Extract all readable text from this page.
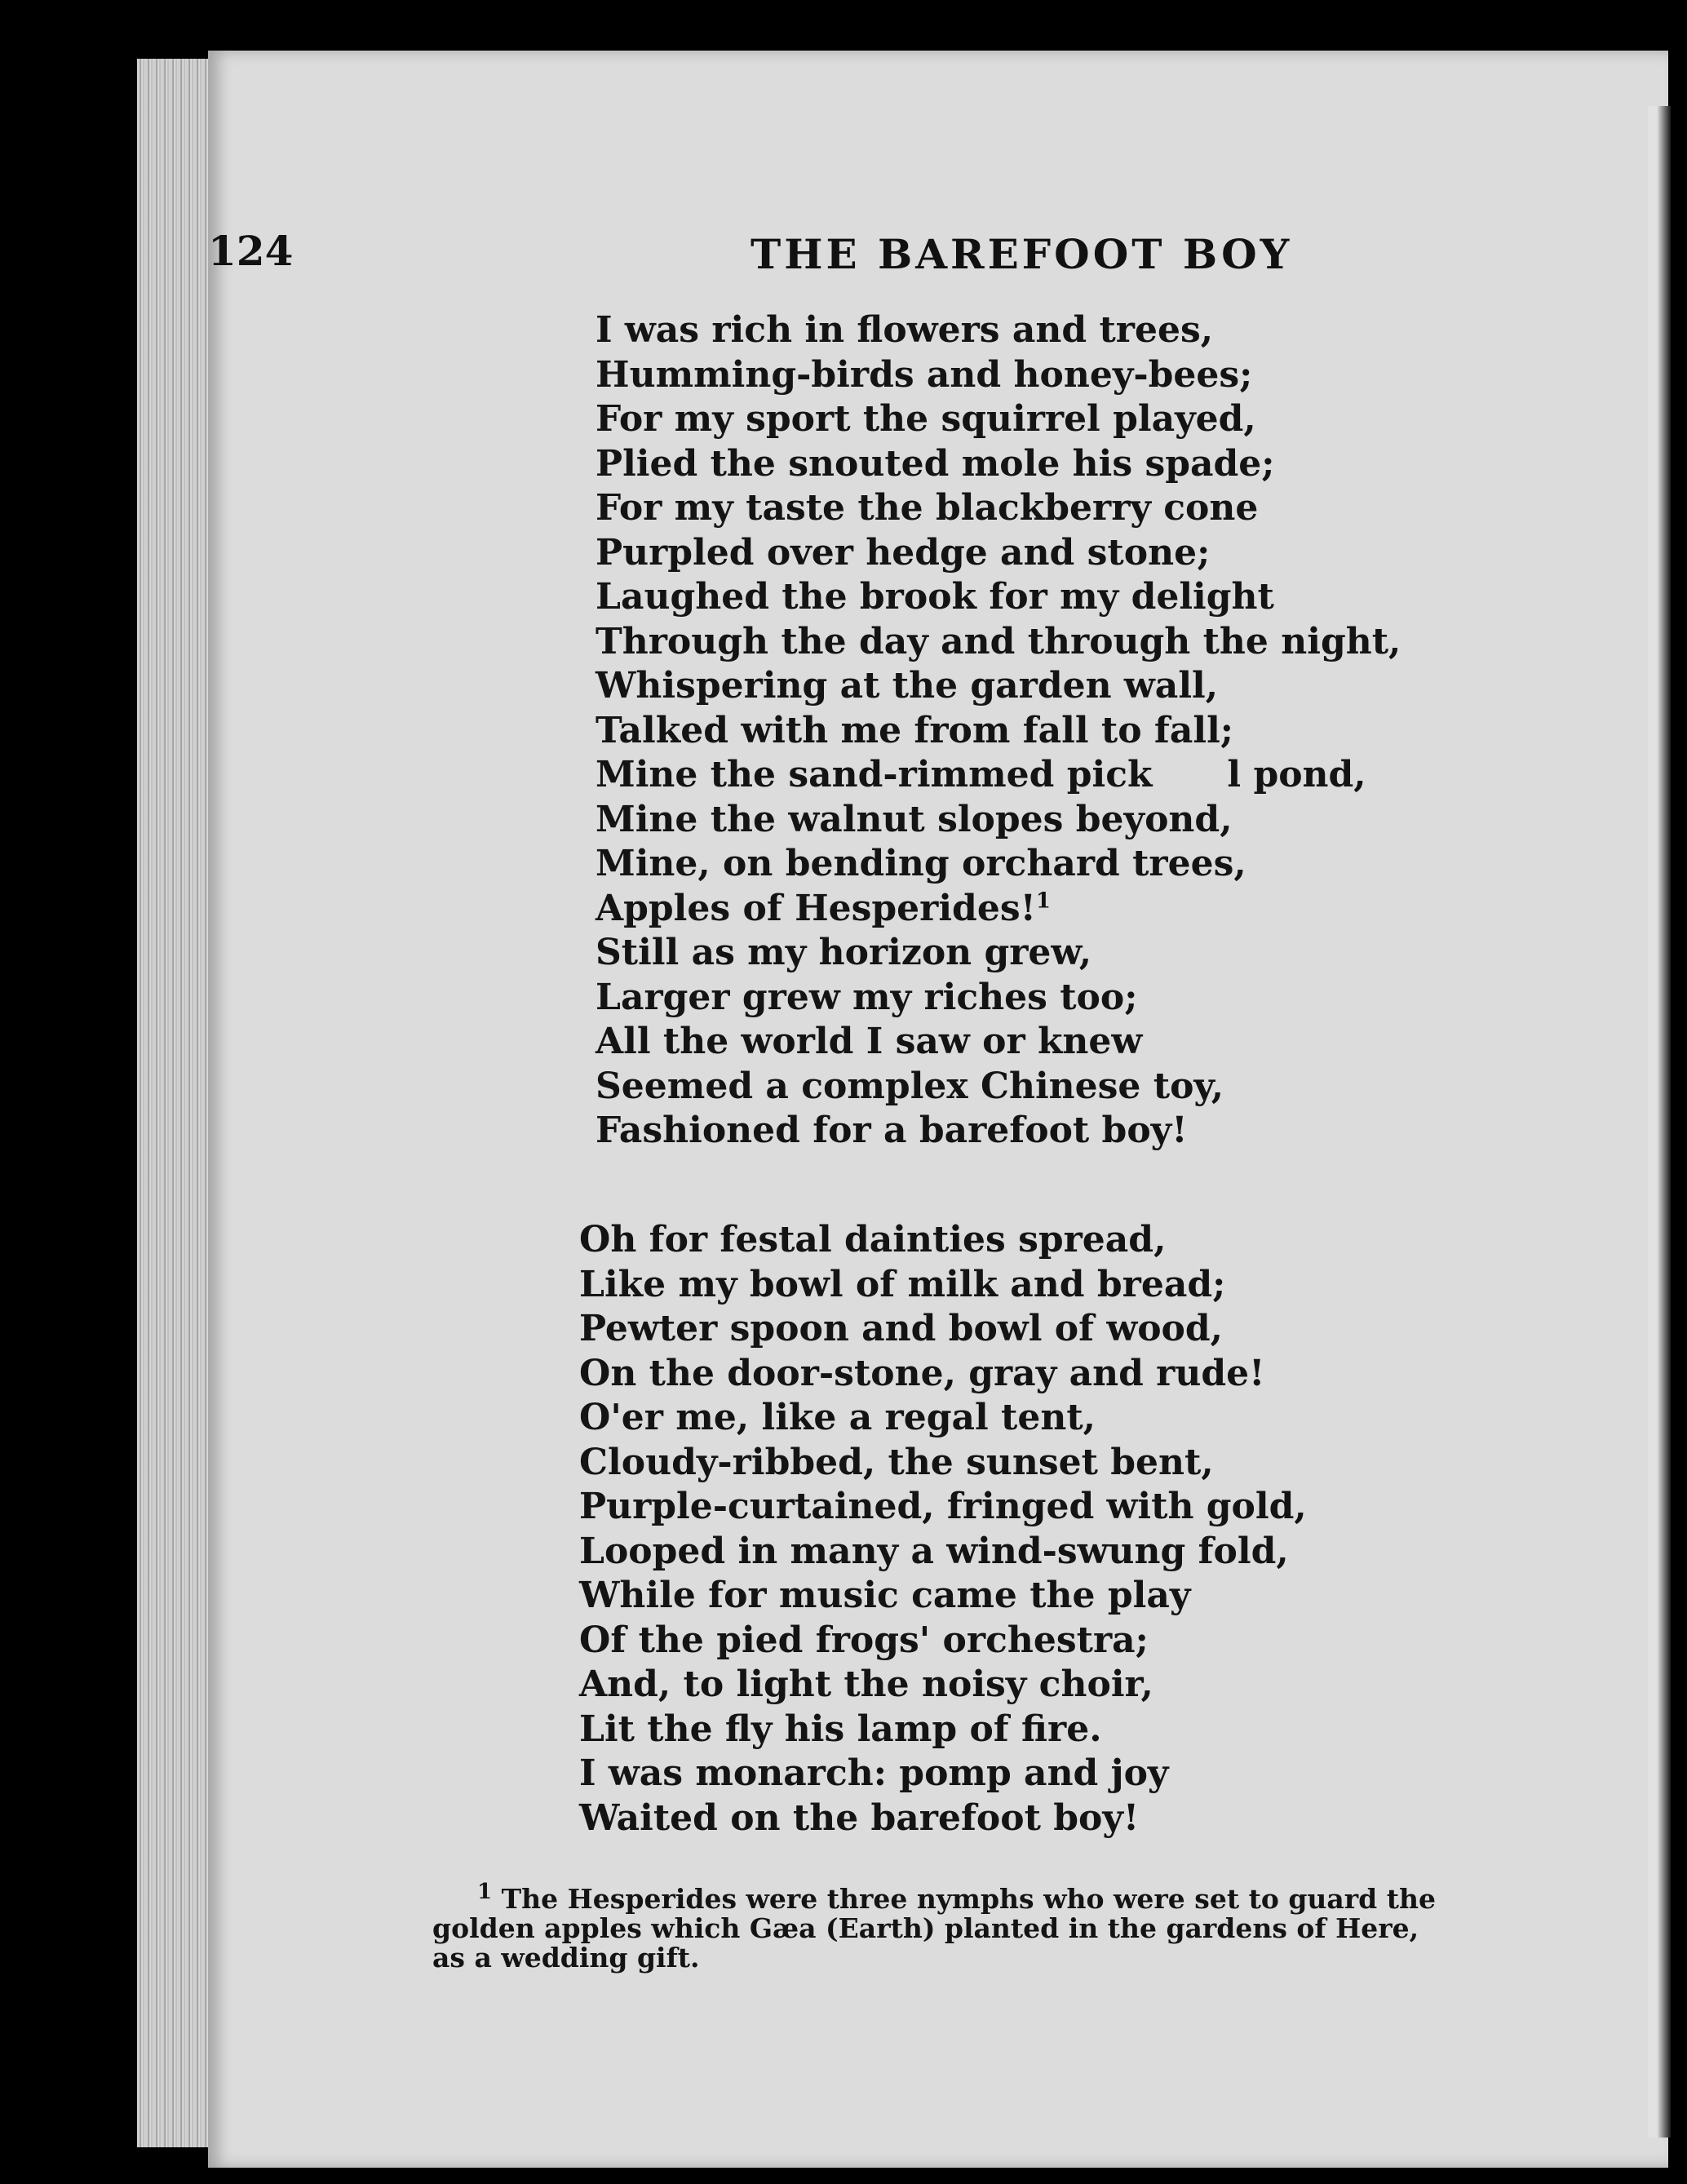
124	THE BAREFOOT BOY
I was rich in flowers and trees,
Humming-birds and honey-bees;
For my sport the squirrel played,
Plied the snouted mole his spade;
For my taste the blackberry cone
Purpled over hedge and stone;
Laughed the brook for my delight
Through the day and through the night,
Whispering at the garden wall,
Talked with me from fall to fall;
Mine the sand-rimmed pick      l pond,
Mine the walnut slopes beyond,
Mine, on bending orchard trees,
Apples of Hesperides!$^1$
Still as my horizon grew,
Larger grew my riches too;
All the world I saw or knew
Seemed a complex Chinese toy,
Fashioned for a barefoot boy!
Oh for festal dainties spread,
Like my bowl of milk and bread;
Pewter spoon and bowl of wood,
On the door-stone, gray and rude!
O'er me, like a regal tent,
Cloudy-ribbed, the sunset bent,
Purple-curtained, fringed with gold,
Looped in many a wind-swung fold,
While for music came the play
Of the pied frogs' orchestra;
And, to light the noisy choir,
Lit the fly his lamp of fire.
I was monarch: pomp and joy
Waited on the barefoot boy!
$^1$ The Hesperides were three nymphs who were set to guard the
golden apples which Gæa (Earth) planted in the gardens of Here,
as a wedding gift.
